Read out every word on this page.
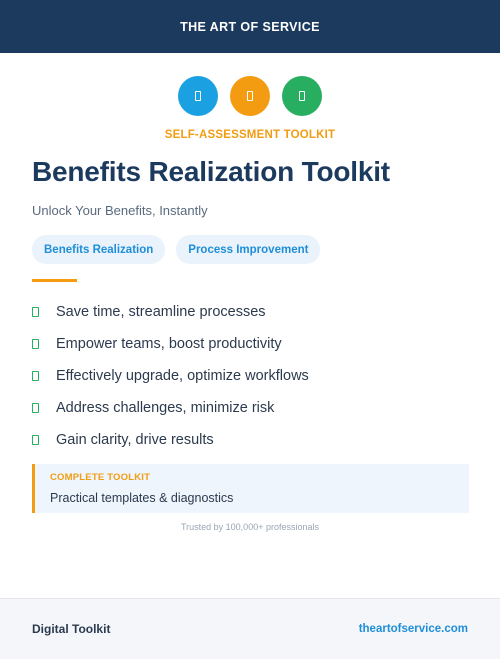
THE ART OF SERVICE
SELF-ASSESSMENT TOOLKIT
Benefits Realization Toolkit
Unlock Your Benefits, Instantly
Benefits Realization	Process Improvement
Save time, streamline processes
Empower teams, boost productivity
Effectively upgrade, optimize workflows
Address challenges, minimize risk
Gain clarity, drive results
COMPLETE TOOLKIT
Practical templates & diagnostics
Trusted by 100,000+ professionals
Digital Toolkit	theartofservice.com
